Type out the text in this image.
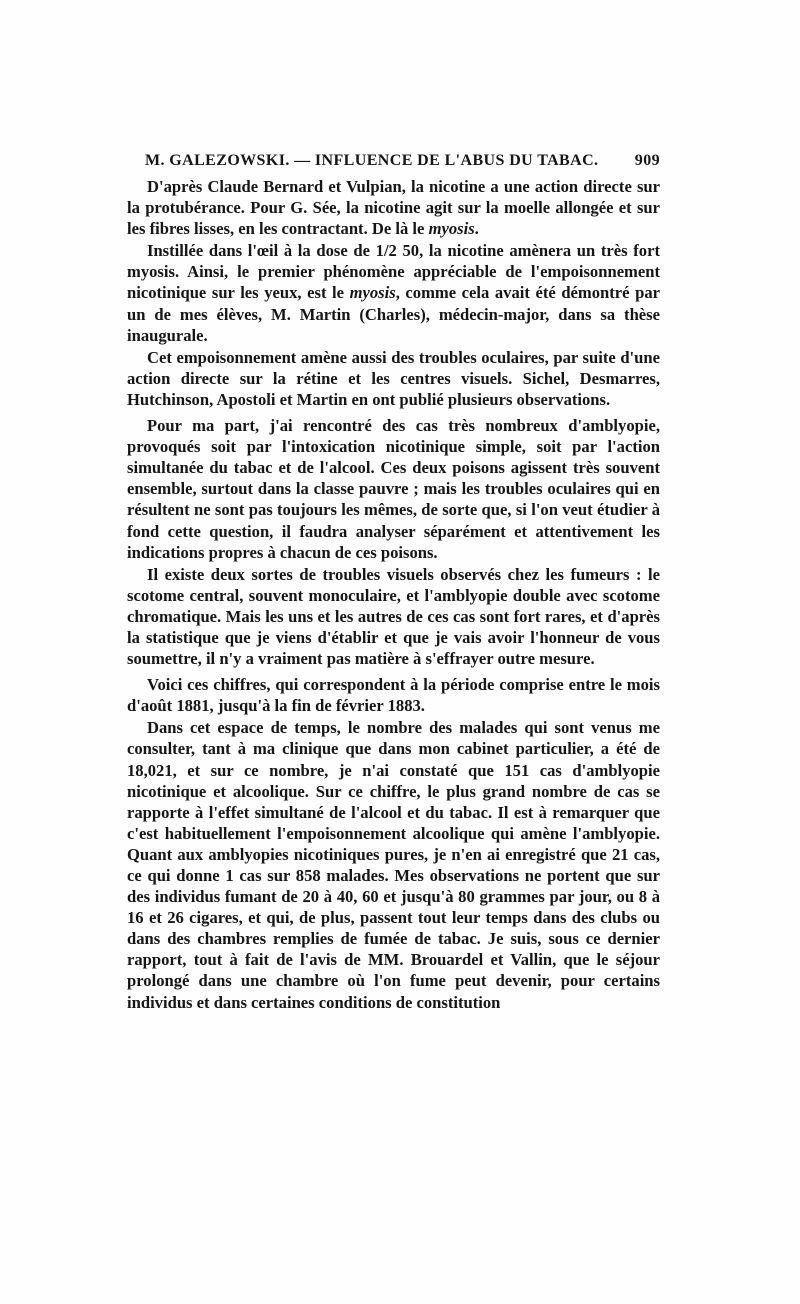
M. GALEZOWSKI. — INFLUENCE DE L'ABUS DU TABAC. 909

D'après Claude Bernard et Vulpian, la nicotine a une action directe sur la protubérance. Pour G. Sée, la nicotine agit sur la moelle allongée et sur les fibres lisses, en les contractant. De là le myosis.

Instillée dans l'œil à la dose de 1/2 50, la nicotine amènera un très fort myosis. Ainsi, le premier phénomène appréciable de l'empoisonnement nicotinique sur les yeux, est le myosis, comme cela avait été démontré par un de mes élèves, M. Martin (Charles), médecin-major, dans sa thèse inaugurale.

Cet empoisonnement amène aussi des troubles oculaires, par suite d'une action directe sur la rétine et les centres visuels. Sichel, Desmarres, Hutchinson, Apostoli et Martin en ont publié plusieurs observations.

Pour ma part, j'ai rencontré des cas très nombreux d'amblyopie, provoqués soit par l'intoxication nicotinique simple, soit par l'action simultanée du tabac et de l'alcool. Ces deux poisons agissent très souvent ensemble, surtout dans la classe pauvre ; mais les troubles oculaires qui en résultent ne sont pas toujours les mêmes, de sorte que, si l'on veut étudier à fond cette question, il faudra analyser séparément et attentivement les indications propres à chacun de ces poisons.

Il existe deux sortes de troubles visuels observés chez les fumeurs : le scotome central, souvent monoculaire, et l'amblyopie double avec scotome chromatique. Mais les uns et les autres de ces cas sont fort rares, et d'après la statistique que je viens d'établir et que je vais avoir l'honneur de vous soumettre, il n'y a vraiment pas matière à s'effrayer outre mesure.

Voici ces chiffres, qui correspondent à la période comprise entre le mois d'août 1881, jusqu'à la fin de février 1883.

Dans cet espace de temps, le nombre des malades qui sont venus me consulter, tant à ma clinique que dans mon cabinet particulier, a été de 18,021, et sur ce nombre, je n'ai constaté que 151 cas d'amblyopie nicotinique et alcoolique. Sur ce chiffre, le plus grand nombre de cas se rapporte à l'effet simultané de l'alcool et du tabac. Il est à remarquer que c'est habituellement l'empoisonnement alcoolique qui amène l'amblyopie. Quant aux amblyopies nicotiniques pures, je n'en ai enregistré que 21 cas, ce qui donne 1 cas sur 858 malades. Mes observations ne portent que sur des individus fumant de 20 à 40, 60 et jusqu'à 80 grammes par jour, ou 8 à 16 et 26 cigares, et qui, de plus, passent tout leur temps dans des clubs ou dans des chambres remplies de fumée de tabac. Je suis, sous ce dernier rapport, tout à fait de l'avis de MM. Brouardel et Vallin, que le séjour prolongé dans une chambre où l'on fume peut devenir, pour certains individus et dans certaines conditions de constitution
